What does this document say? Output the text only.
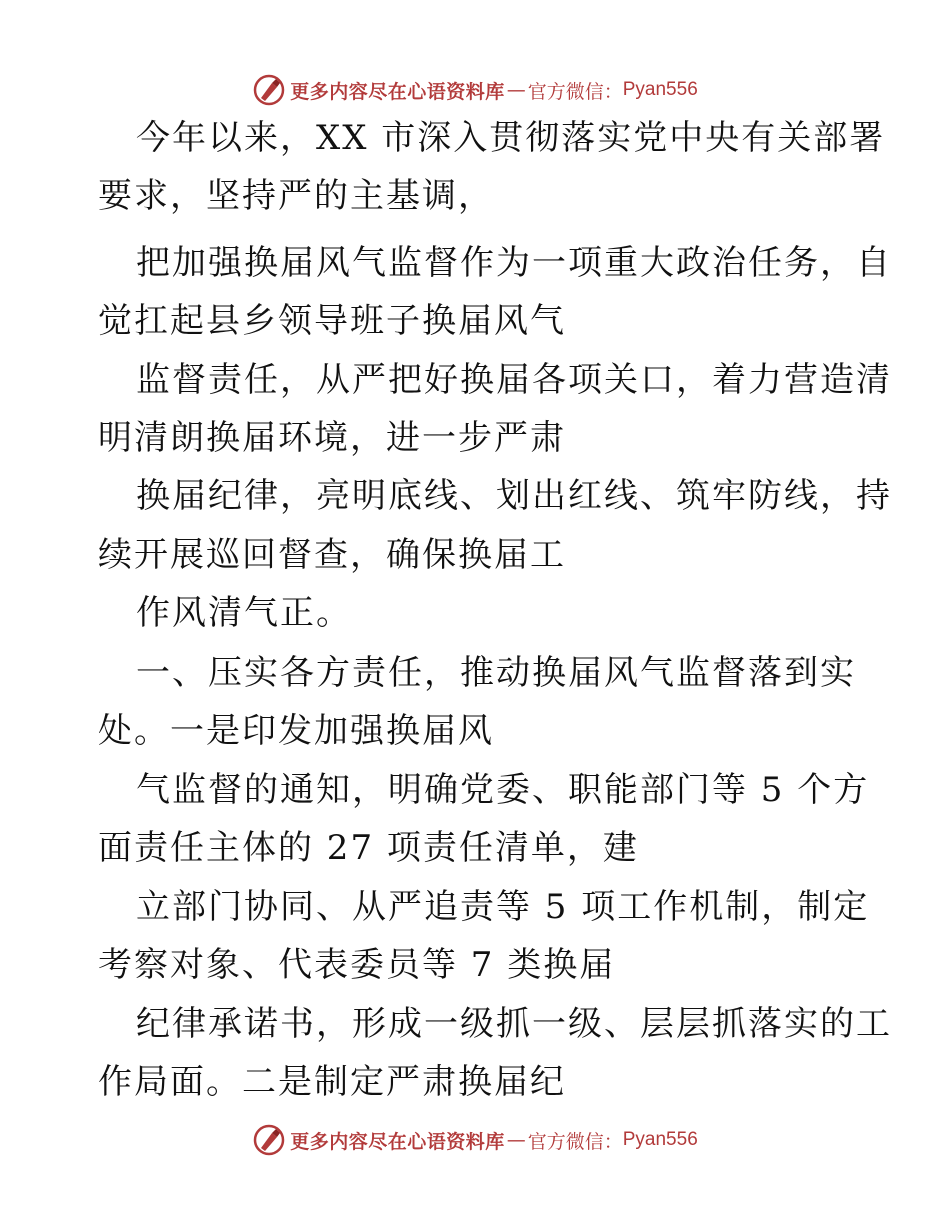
更多内容尽在心语资料库 — 官方微信： Pyan556
今年以来，XX 市深入贯彻落实党中央有关部署
要求，坚持严的主基调，
把加强换届风气监督作为一项重大政治任务，自
觉扛起县乡领导班子换届风气
监督责任，从严把好换届各项关口，着力营造清
明清朗换届环境，进一步严肃
换届纪律，亮明底线、划出红线、筑牢防线，持
续开展巡回督查，确保换届工
作风清气正。
一、压实各方责任，推动换届风气监督落到实
处。一是印发加强换届风
气监督的通知，明确党委、职能部门等 5 个方
面责任主体的 27 项责任清单，建
立部门协同、从严追责等 5 项工作机制，制定
考察对象、代表委员等 7 类换届
纪律承诺书，形成一级抓一级、层层抓落实的工
作局面。二是制定严肃换届纪
更多内容尽在心语资料库 — 官方微信： Pyan556
